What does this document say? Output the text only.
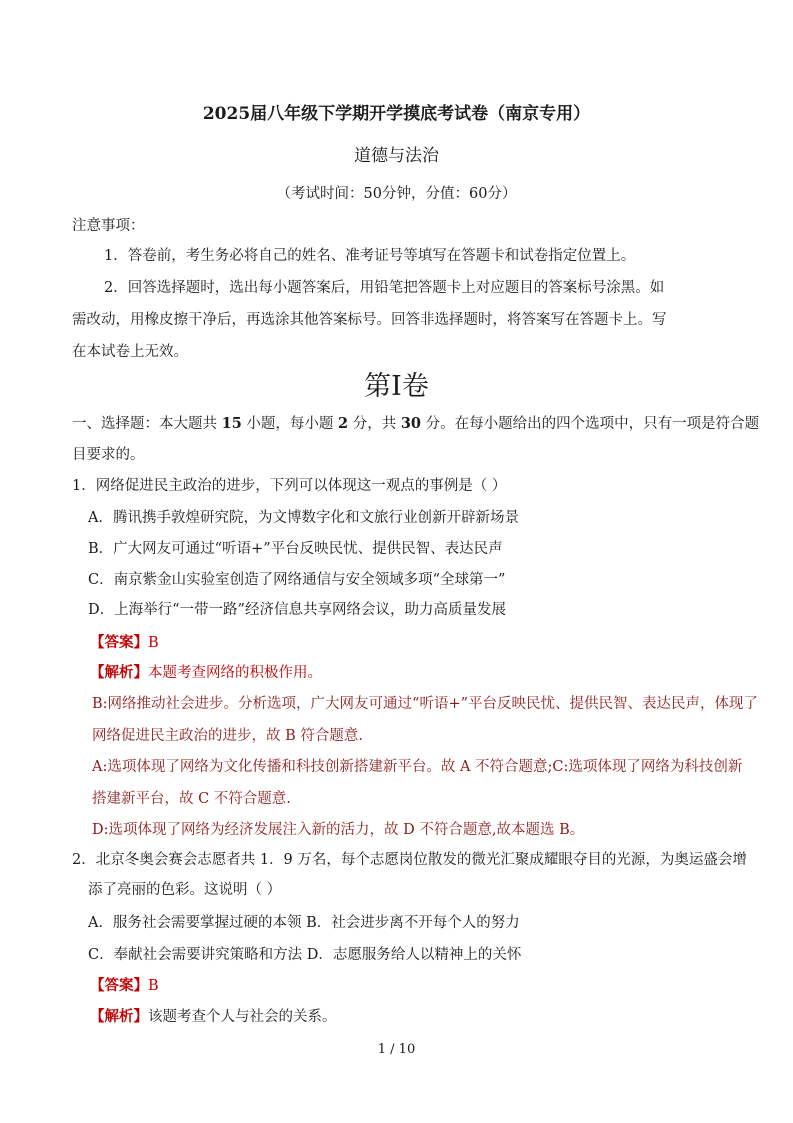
2025届八年级下学期开学摸底考试卷（南京专用）
道德与法治
（考试时间：50分钟，分值：60分）
注意事项：
1．答卷前，考生务必将自己的姓名、准考证号等填写在答题卡和试卷指定位置上。
2．回答选择题时，选出每小题答案后，用铅笔把答题卡上对应题目的答案标号涂黑。如
需改动，用橡皮擦干净后，再选涂其他答案标号。回答非选择题时，将答案写在答题卡上。写
在本试卷上无效。
第Ⅰ卷
一、选择题：本大题共 15 小题，每小题 2 分，共 30 分。在每小题给出的四个选项中，只有一项是符合题
目要求的。
1．网络促进民主政治的进步，下列可以体现这一观点的事例是（ ）
A．腾讯携手敦煌研究院，为文博数字化和文旅行业创新开辟新场景
B．广大网友可通过“听语+”平台反映民忧、提供民智、表达民声
C．南京紫金山实验室创造了网络通信与安全领域多项“全球第一”
D．上海举行“一带一路”经济信息共享网络会议，助力高质量发展
【答案】B
【解析】本题考查网络的积极作用。
B:网络推动社会进步。分析选项，广大网友可通过“听语+”平台反映民忧、提供民智、表达民声，体现了
网络促进民主政治的进步，故 B 符合题意.
A:选项体现了网络为文化传播和科技创新搭建新平台。故 A 不符合题意;C:选项体现了网络为科技创新
搭建新平台，故 C 不符合题意.
D:选项体现了网络为经济发展注入新的活力，故 D 不符合题意,故本题选 B。
2．北京冬奥会赛会志愿者共 1．9 万名，每个志愿岗位散发的微光汇聚成耀眼夺目的光源，为奥运盛会增
添了亮丽的色彩。这说明（ ）
A．服务社会需要掌握过硬的本领 B．社会进步离不开每个人的努力
C．奉献社会需要讲究策略和方法 D．志愿服务给人以精神上的关怀
【答案】B
【解析】该题考查个人与社会的关系。
1 / 10
